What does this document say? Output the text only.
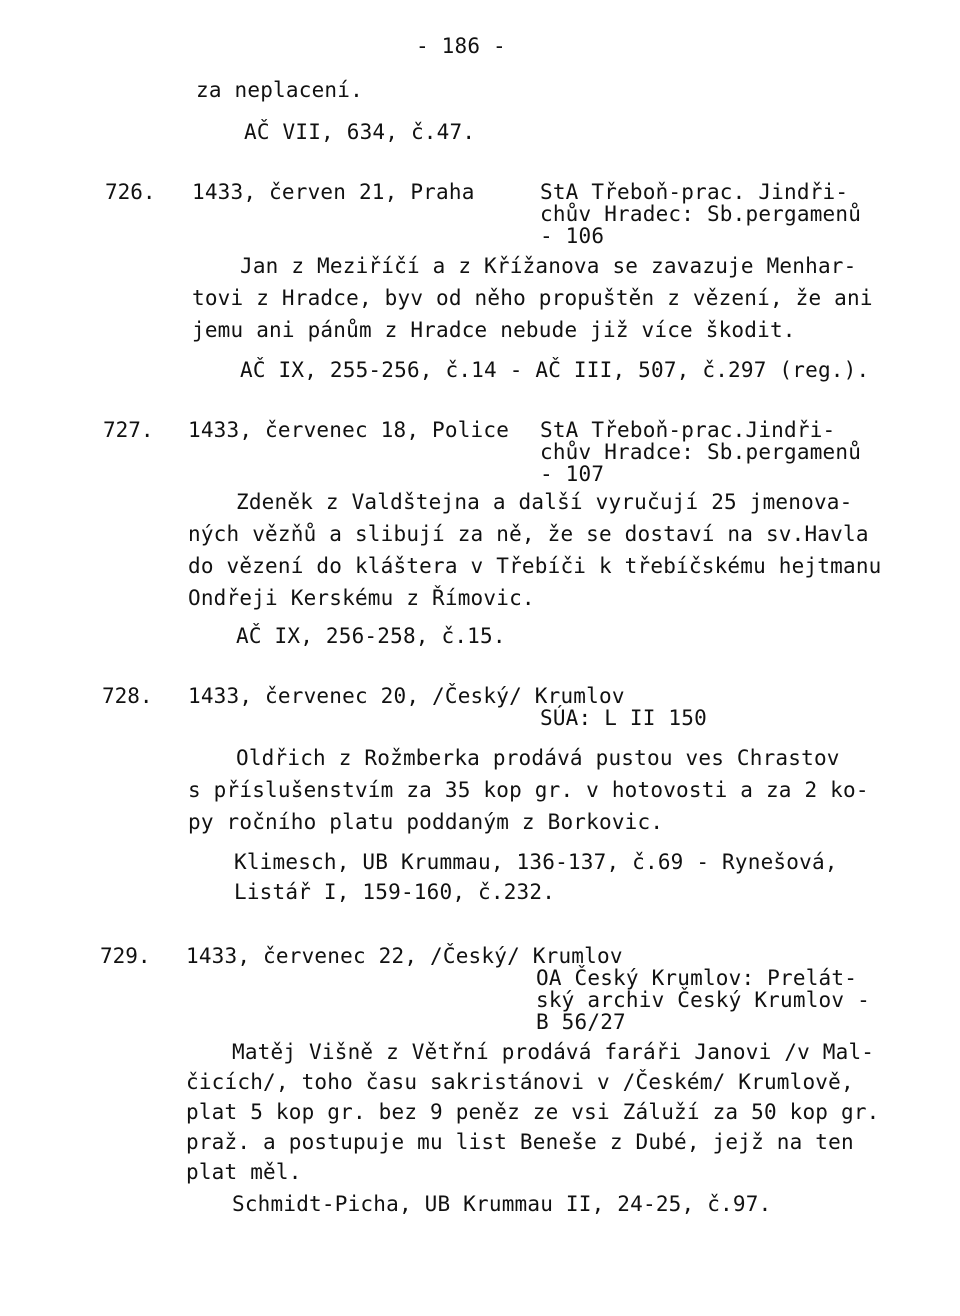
- 186 -
za neplacení.
AČ VII, 634, č.47.
726. 1433, červen 21, Praha	StA Třeboň-prac. Jindři-
chův Hradec: Sb.pergamenů
- 106
Jan z Meziříčí a z Křížanova se zavazuje Menhar-
tovi z Hradce, byv od něho propuštěn z vězení, že ani
jemu ani pánům z Hradce nebude již více škodit.
AČ IX, 255-256, č.14 - AČ III, 507, č.297 (reg.).
727. 1433, červenec 18, Police StA Třeboň-prac.Jindři-
chův Hradce: Sb.pergamenů
- 107
Zdeněk z Valdštejna a další vyručují 25 jmenova-
ných vězňů a slibují za ně, že se dostaví na sv.Havla
do vězení do kláštera v Třebíči k třebíčskému hejtmanu
Ondřeji Kerskému z Římovic.
AČ IX, 256-258, č.15.
728. 1433, červenec 20, /Český/ Krumlov
SÚA: L II 150
Oldřich z Rožmberka prodává pustou ves Chrastov
s příslušenstvím za 35 kop gr. v hotovosti a za 2 ko-
py ročního platu poddaným z Borkovic.
Klimesch, UB Krummau, 136-137, č.69 - Rynešová,
Listář I, 159-160, č.232.
729. 1433, červenec 22, /Český/ Krumlov
OA Český Krumlov: Prelát-
ský archiv Český Krumlov -
B 56/27
Matěj Višně z Větřní prodává faráři Janovi /v Mal-
čicích/, toho času sakristánovi v /Českém/ Krumlově,
plat 5 kop gr. bez 9 peněz ze vsi Záluží za 50 kop gr.
praž. a postupuje mu list Beneše z Dubé, jejž na ten
plat měl.
Schmidt-Picha, UB Krummau II, 24-25, č.97.
